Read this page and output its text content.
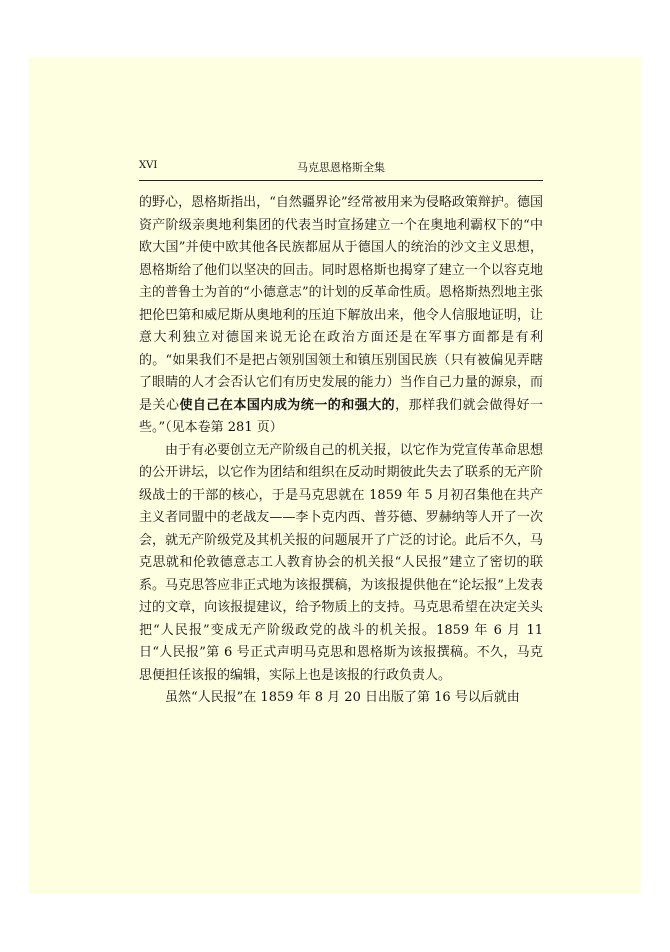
XVI	马克思恩格斯全集

的野心，恩格斯指出，“自然疆界论”经常被用来为侵略政策辩护。德国资产阶级亲奥地利集团的代表当时宣扬建立一个在奥地利霸权下的“中欧大国”并使中欧其他各民族都屈从于德国人的统治的沙文主义思想，恩格斯给了他们以坚决的回击。同时恩格斯也揭穿了建立一个以容克地主的普鲁士为首的“小德意志”的计划的反革命性质。恩格斯热烈地主张把伦巴第和威尼斯从奥地利的压迫下解放出来，他令人信服地证明，让意大利独立对德国来说无论在政治方面还是在军事方面都是有利的。“如果我们不是把占领别国领土和镇压别国民族（只有被偏见弄瞎了眼睛的人才会否认它们有历史发展的能力）当作自己力量的源泉，而是关心使自己在本国内成为统一的和强大的，那样我们就会做得好一些。”（见本卷第 281 页）

由于有必要创立无产阶级自己的机关报，以它作为党宣传革命思想的公开讲坛，以它作为团结和组织在反动时期彼此失去了联系的无产阶级战士的干部的核心，于是马克思就在 1859 年 5 月初召集他在共产主义者同盟中的老战友——李卜克内西、普芬德、罗赫纳等人开了一次会，就无产阶级党及其机关报的问题展开了广泛的讨论。此后不久，马克思就和伦敦德意志工人教育协会的机关报“人民报”建立了密切的联系。马克思答应非正式地为该报撰稿，为该报提供他在“论坛报”上发表过的文章，向该报提建议，给予物质上的支持。马克思希望在决定关头把“人民报”变成无产阶级政党的战斗的机关报。1859 年 6 月 11 日“人民报”第 6 号正式声明马克思和恩格斯为该报撰稿。不久，马克思便担任该报的编辑，实际上也是该报的行政负责人。

虽然“人民报”在 1859 年 8 月 20 日出版了第 16 号以后就由
